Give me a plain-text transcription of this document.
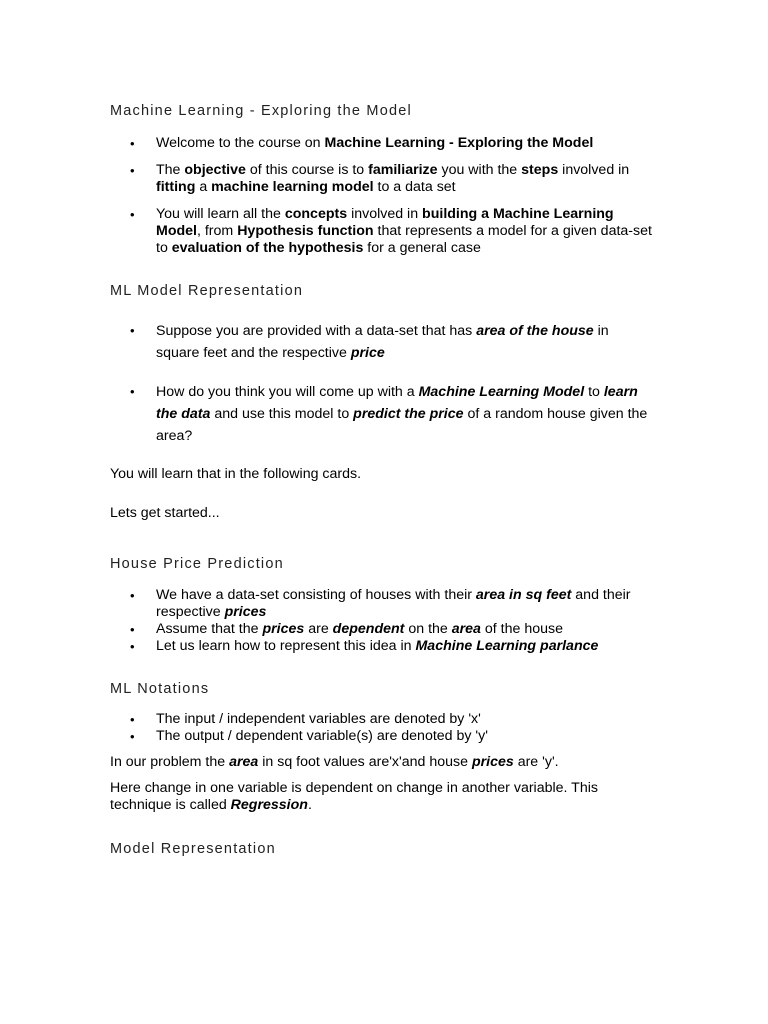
Machine Learning - Exploring the Model
• Welcome to the course on Machine Learning - Exploring the Model
• The objective of this course is to familiarize you with the steps involved in fitting a machine learning model to a data set
• You will learn all the concepts involved in building a Machine Learning Model, from Hypothesis function that represents a model for a given data-set to evaluation of the hypothesis for a general case
ML Model Representation
• Suppose you are provided with a data-set that has area of the house in square feet and the respective price
• How do you think you will come up with a Machine Learning Model to learn the data and use this model to predict the price of a random house given the area?
You will learn that in the following cards.
Lets get started...
House Price Prediction
• We have a data-set consisting of houses with their area in sq feet and their respective prices
• Assume that the prices are dependent on the area of the house
• Let us learn how to represent this idea in Machine Learning parlance
ML Notations
• The input / independent variables are denoted by 'x'
• The output / dependent variable(s) are denoted by 'y'
In our problem the area in sq foot values are'x'and house prices are 'y'.
Here change in one variable is dependent on change in another variable. This technique is called Regression.
Model Representation
